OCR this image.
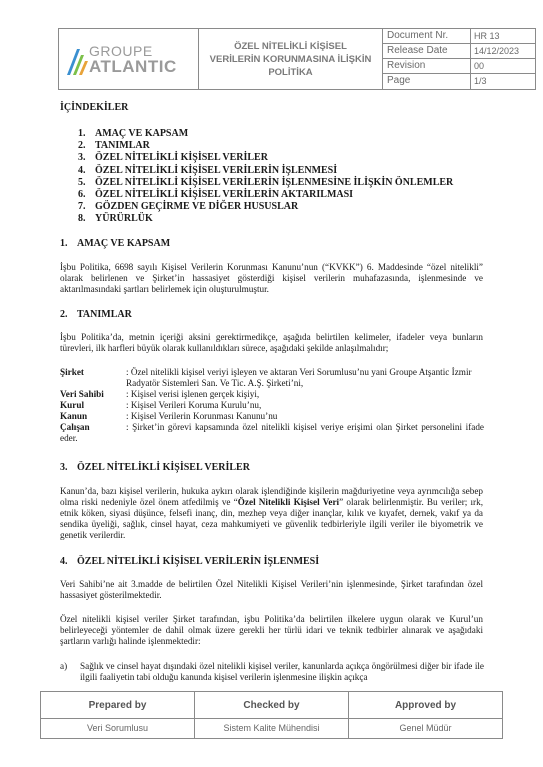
GROUPE
ATLANTIC
ÖZEL NİTELİKLİ KİŞİSEL VERİLERİN KORUNMASINA İLİŞKİN POLİTİKA
Document Nr.	HR 13
Release Date	14/12/2023
Revision	00
Page	1/3
İÇİNDEKİLER
1. AMAÇ VE KAPSAM
2. TANIMLAR
3. ÖZEL NİTELİKLİ KİŞİSEL VERİLER
4. ÖZEL NİTELİKLİ KİŞİSEL VERİLERİN İŞLENMESİ
5. ÖZEL NİTELİKLİ KİŞİSEL VERİLERİN İŞLENMESİNE İLİŞKİN ÖNLEMLER
6. ÖZEL NİTELİKLİ KİŞİSEL VERİLERİN AKTARILMASI
7. GÖZDEN GEÇİRME VE DİĞER HUSUSLAR
8. YÜRÜRLÜK
1. AMAÇ VE KAPSAM
İşbu Politika, 6698 sayılı Kişisel Verilerin Korunması Kanunu’nun (“KVKK”) 6. Maddesinde “özel nitelikli” olarak belirlenen ve Şirket’in hassasiyet gösterdiği kişisel verilerin muhafazasında, işlenmesinde ve aktarılmasındaki şartları belirlemek için oluşturulmuştur.
2. TANIMLAR
İşbu Politika’da, metnin içeriği aksini gerektirmedikçe, aşağıda belirtilen kelimeler, ifadeler veya bunların türevleri, ilk harfleri büyük olarak kullanıldıkları sürece, aşağıdaki şekilde anlaşılmalıdır;
Şirket	: Özel nitelikli kişisel veriyi işleyen ve aktaran Veri Sorumlusu’nu yani Groupe Atşantic İzmir Radyatör Sistemleri San. Ve Tic. A.Ş. Şirketi’ni,
Veri Sahibi	: Kişisel verisi işlenen gerçek kişiyi,
Kurul	: Kişisel Verileri Koruma Kurulu’nu,
Kanun	: Kişisel Verilerin Korunması Kanunu’nu
Çalışan	: Şirket’in görevi kapsamında özel nitelikli kişisel veriye erişimi olan Şirket personelini ifade eder.
3. ÖZEL NİTELİKLİ KİŞİSEL VERİLER
Kanun’da, bazı kişisel verilerin, hukuka aykırı olarak işlendiğinde kişilerin mağduriyetine veya ayrımcılığa sebep olma riski nedeniyle özel önem atfedilmiş ve “Özel Nitelikli Kişisel Veri” olarak belirlenmiştir. Bu veriler; ırk, etnik köken, siyasi düşünce, felsefi inanç, din, mezhep veya diğer inançlar, kılık ve kıyafet, dernek, vakıf ya da sendika üyeliği, sağlık, cinsel hayat, ceza mahkumiyeti ve güvenlik tedbirleriyle ilgili veriler ile biyometrik ve genetik verilerdir.
4. ÖZEL NİTELİKLİ KİŞİSEL VERİLERİN İŞLENMESİ
Veri Sahibi’ne ait 3.madde de belirtilen Özel Nitelikli Kişisel Verileri’nin işlenmesinde, Şirket tarafından özel hassasiyet gösterilmektedir.
Özel nitelikli kişisel veriler Şirket tarafından, işbu Politika’da belirtilen ilkelere uygun olarak ve Kurul’un belirleyeceği yöntemler de dahil olmak üzere gerekli her türlü idari ve teknik tedbirler alınarak ve aşağıdaki şartların varlığı halinde işlenmektedir:
a)	Sağlık ve cinsel hayat dışındaki özel nitelikli kişisel veriler, kanunlarda açıkça öngörülmesi diğer bir ifade ile ilgili faaliyetin tabi olduğu kanunda kişisel verilerin işlenmesine ilişkin açıkça
Prepared by	Checked by	Approved by
Veri Sorumlusu	Sistem Kalite Mühendisi	Genel Müdür
